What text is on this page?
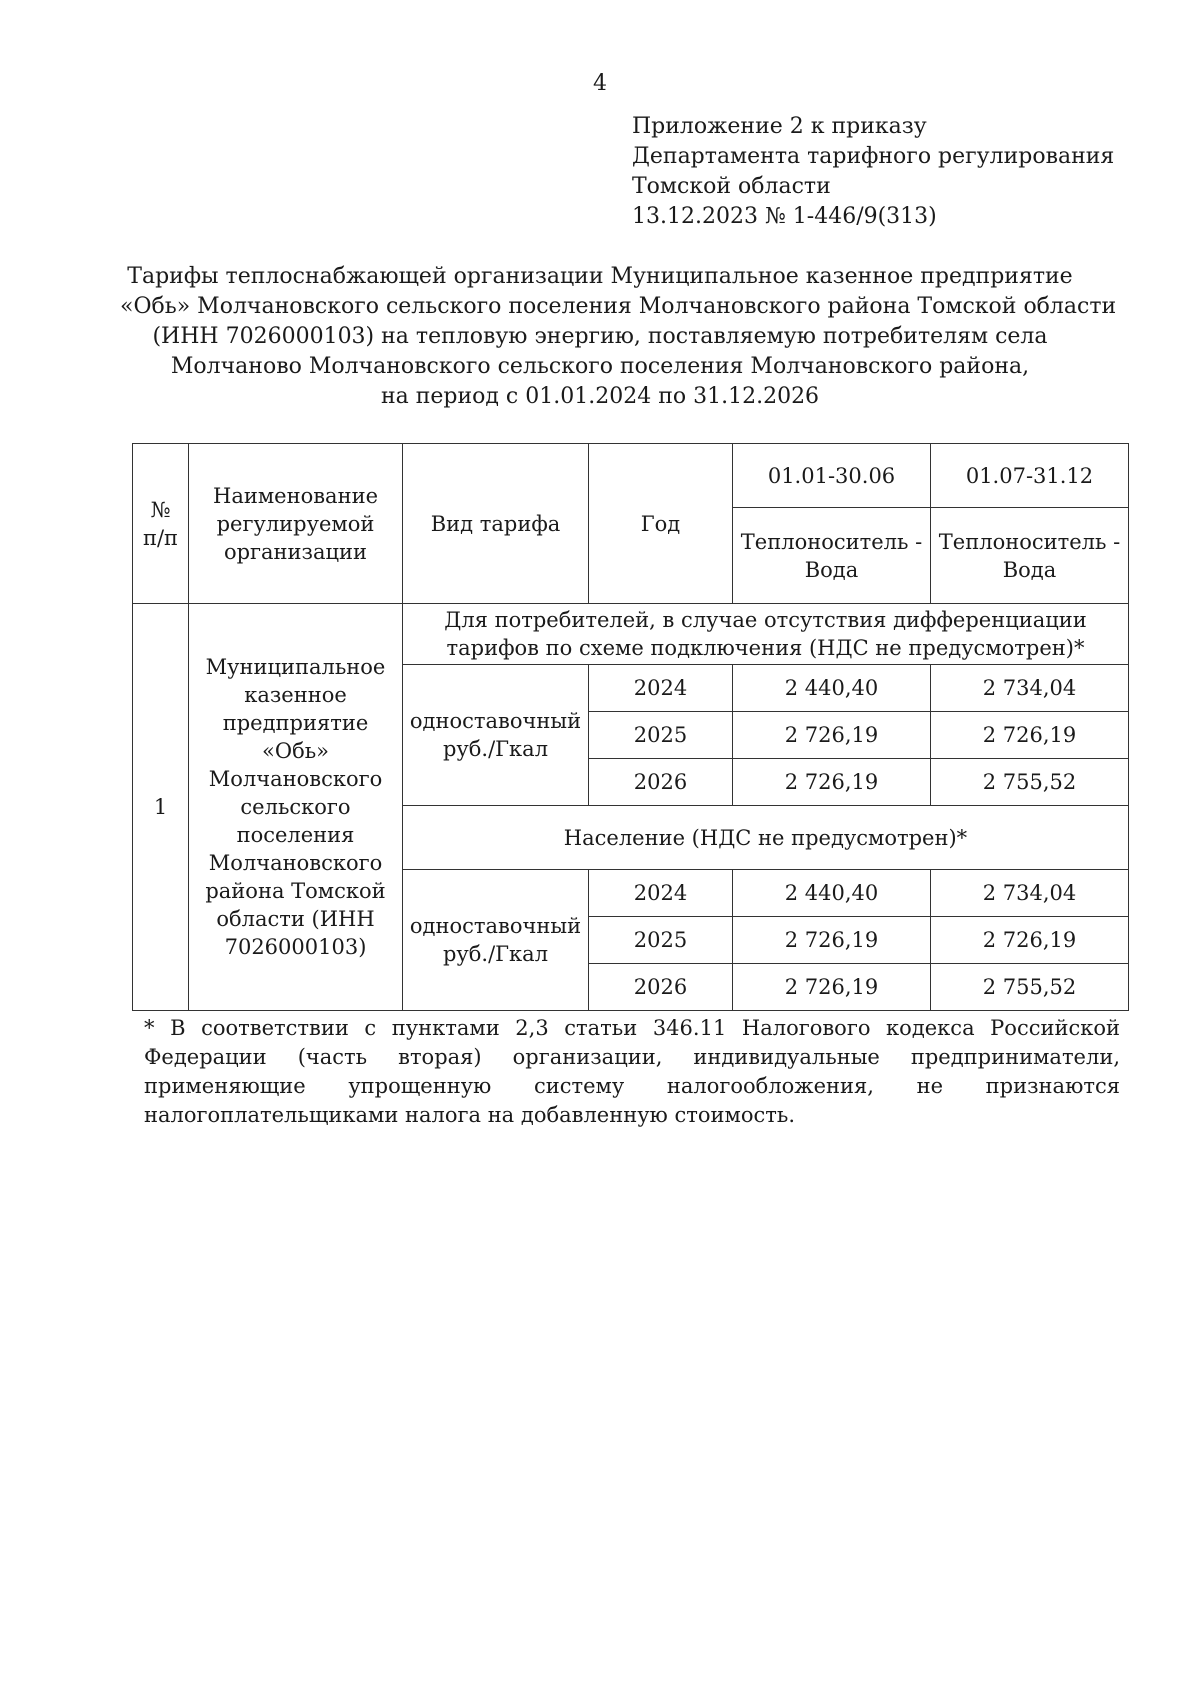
4
Приложение 2 к приказу
Департамента тарифного регулирования
Томской области
13.12.2023 № 1-446/9(313)
Тарифы теплоснабжающей организации Муниципальное казенное предприятие
«Обь» Молчановского сельского поселения Молчановского района Томской области
(ИНН 7026000103) на тепловую энергию, поставляемую потребителям села
Молчаново Молчановского сельского поселения Молчановского района,
на период с 01.01.2024 по 31.12.2026
№ п/п	Наименование регулируемой организации	Вид тарифа	Год	01.01-30.06	01.07-31.12
				Теплоноситель - Вода	Теплоноситель - Вода
1	Муниципальное казенное предприятие «Обь» Молчановского сельского поселения Молчановского района Томской области (ИНН 7026000103)	Для потребителей, в случае отсутствия дифференциации тарифов по схеме подключения (НДС не предусмотрен)*			
		одноставочный руб./Гкал	2024	2 440,40	2 734,04
			2025	2 726,19	2 726,19
			2026	2 726,19	2 755,52
		Население (НДС не предусмотрен)*			
		одноставочный руб./Гкал	2024	2 440,40	2 734,04
			2025	2 726,19	2 726,19
			2026	2 726,19	2 755,52
* В соответствии с пунктами 2,3 статьи 346.11 Налогового кодекса Российской Федерации (часть вторая) организации, индивидуальные предприниматели, применяющие упрощенную систему налогообложения, не признаются налогоплательщиками налога на добавленную стоимость.
